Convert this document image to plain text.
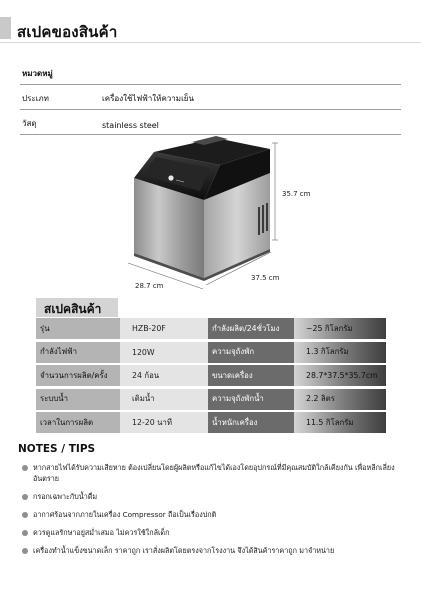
สเปคของสินค้า
หมวดหมู่
ประเภท	เครื่องใช้ไฟฟ้าให้ความเย็น
วัสดุ	stainless steel
35.7 cm
37.5 cm
28.7 cm
สเปคสินค้า
รุ่น	HZB-20F	กำลังผลิต/24ชั่วโมง	~25 กิโลกรัม
กำลังไฟฟ้า	120W	ความจุถังพัก	1.3 กิโลกรัม
จำนวนการผลิต/ครั้ง	24 ก้อน	ขนาดเครื่อง	28.7*37.5*35.7cm
ระบบน้ำ	เติมน้ำ	ความจุถังพักน้ำ	2.2 ลิตร
เวลาในการผลิต	12-20 นาที	น้ำหนักเครื่อง	11.5 กิโลกรัม
NOTES / TIPS
หากสายไฟได้รับความเสียหาย ต้องเปลี่ยนโดยผู้ผลิตหรือแก้ไขได้เองโดยอุปกรณ์ที่มีคุณสมบัติใกล้เคียงกัน เพื่อหลีกเลี่ยงอันตราย
กรอกเฉพาะกับน้ำดื่ม
อากาศร้อนจากภายในเครื่อง Compressor ถือเป็นเรื่องปกติ
ควรดูแลรักษาอยู่สม่ำเสมอ ไม่ควรใช้ใกล้เด็ก
เครื่องทำน้ำแข็งขนาดเล็ก ราคาถูก เราสั่งผลิตโดยตรงจากโรงงาน จึงได้สินค้าราคาถูก มาจำหน่าย
